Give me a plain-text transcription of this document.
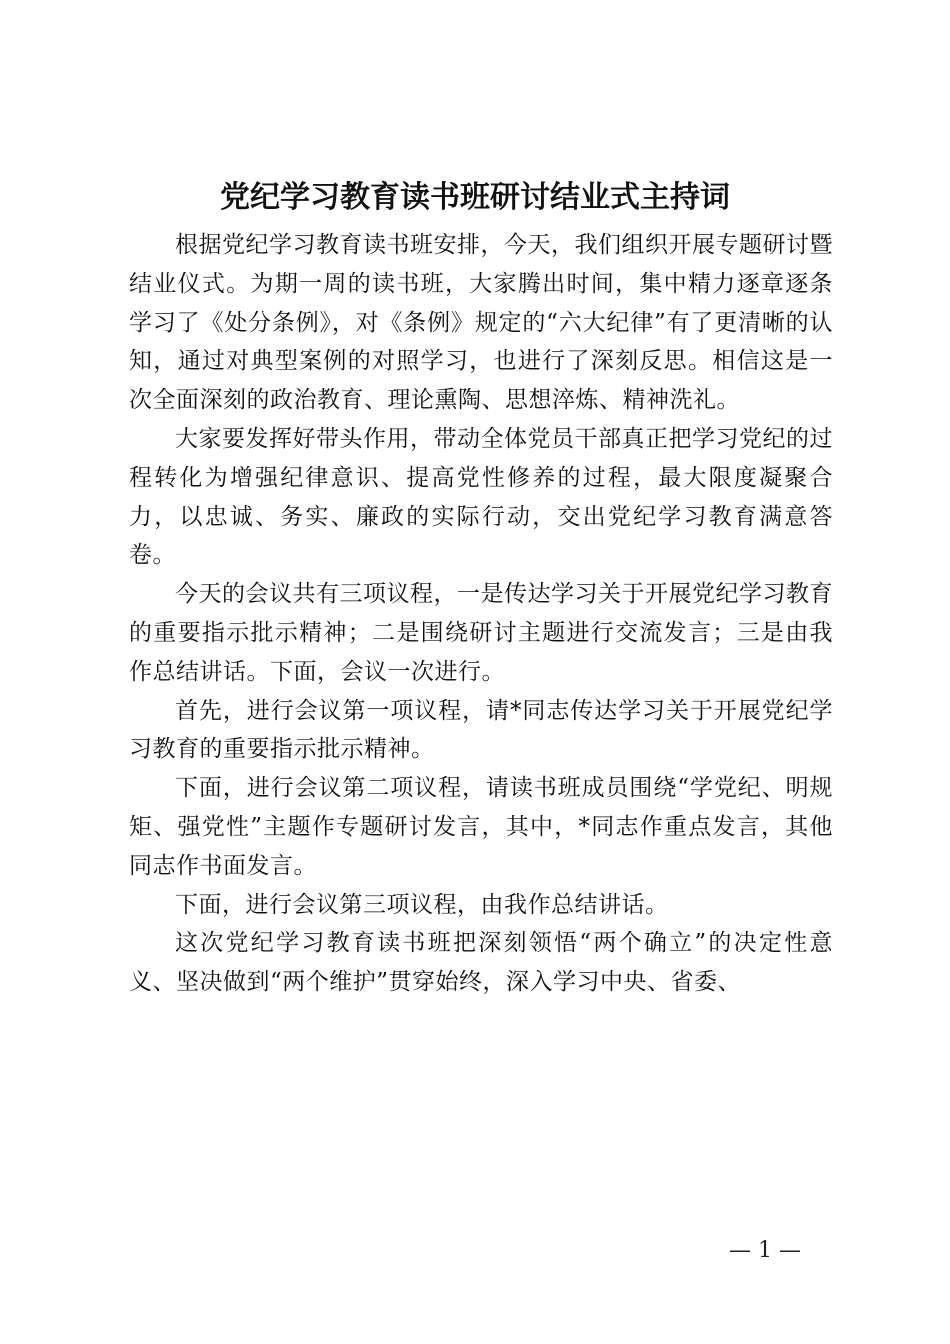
党纪学习教育读书班研讨结业式主持词

根据党纪学习教育读书班安排，今天，我们组织开展专题研讨暨结业仪式。为期一周的读书班，大家腾出时间，集中精力逐章逐条学习了《处分条例》，对《条例》规定的“六大纪律”有了更清晰的认知，通过对典型案例的对照学习，也进行了深刻反思。相信这是一次全面深刻的政治教育、理论熏陶、思想淬炼、精神洗礼。

大家要发挥好带头作用，带动全体党员干部真正把学习党纪的过程转化为增强纪律意识、提高党性修养的过程，最大限度凝聚合力，以忠诚、务实、廉政的实际行动，交出党纪学习教育满意答卷。

今天的会议共有三项议程，一是传达学习关于开展党纪学习教育的重要指示批示精神；二是围绕研讨主题进行交流发言；三是由我作总结讲话。下面，会议一次进行。

首先，进行会议第一项议程，请*同志传达学习关于开展党纪学习教育的重要指示批示精神。

下面，进行会议第二项议程，请读书班成员围绕“学党纪、明规矩、强党性”主题作专题研讨发言，其中，*同志作重点发言，其他同志作书面发言。

下面，进行会议第三项议程，由我作总结讲话。

这次党纪学习教育读书班把深刻领悟“两个确立”的决定性意义、坚决做到“两个维护”贯穿始终，深入学习中央、省委、

— 1 —
